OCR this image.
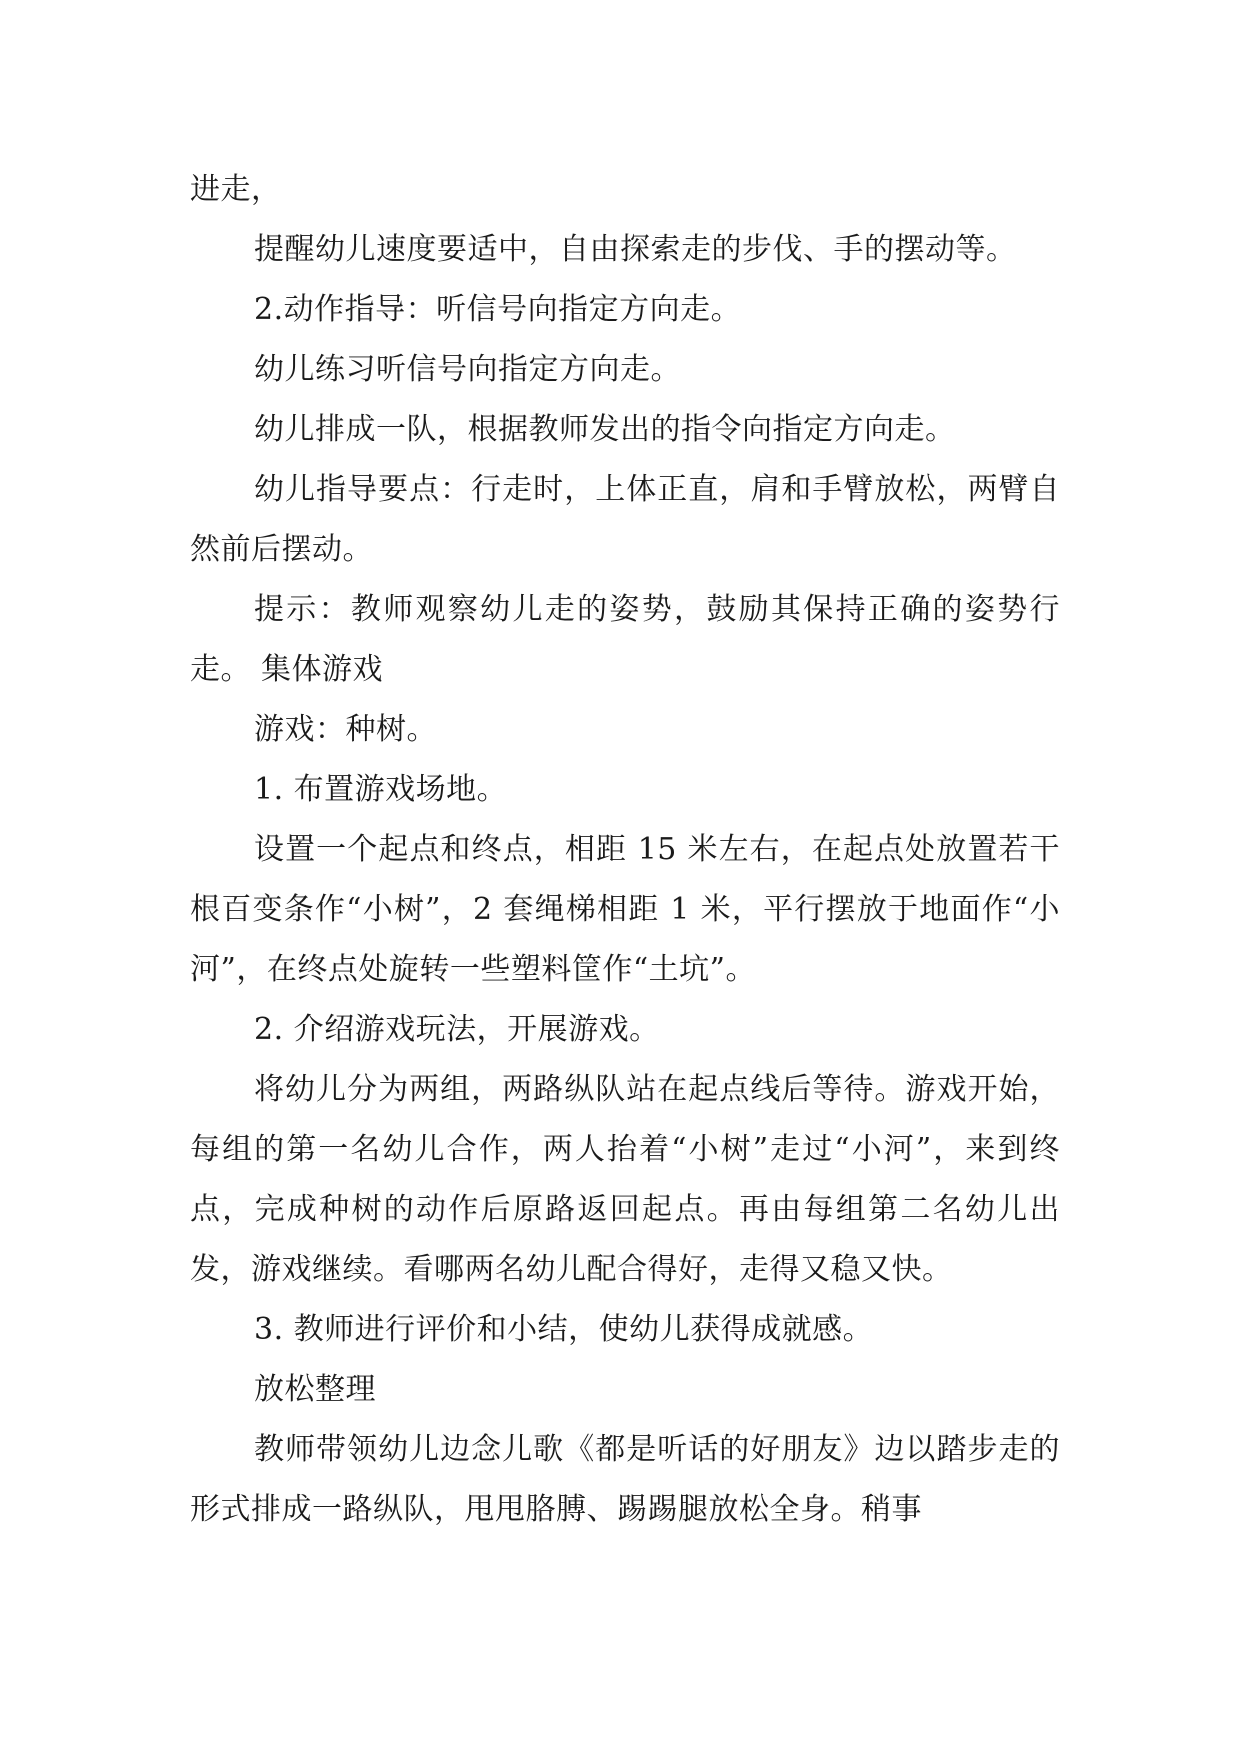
进走，

提醒幼儿速度要适中，自由探索走的步伐、手的摆动等。

2.动作指导：听信号向指定方向走。

幼儿练习听信号向指定方向走。

幼儿排成一队，根据教师发出的指令向指定方向走。

幼儿指导要点：行走时，上体正直，肩和手臂放松，两臂自然前后摆动。

提示：教师观察幼儿走的姿势，鼓励其保持正确的姿势行走。 集体游戏

游戏：种树。

1. 布置游戏场地。

设置一个起点和终点，相距 15 米左右，在起点处放置若干根百变条作“小树”，2 套绳梯相距 1 米，平行摆放于地面作“小河”，在终点处旋转一些塑料筐作“土坑”。

2. 介绍游戏玩法，开展游戏。

将幼儿分为两组，两路纵队站在起点线后等待。游戏开始，每组的第一名幼儿合作，两人抬着“小树”走过“小河”，来到终点，完成种树的动作后原路返回起点。再由每组第二名幼儿出发，游戏继续。看哪两名幼儿配合得好，走得又稳又快。

3. 教师进行评价和小结，使幼儿获得成就感。

放松整理

教师带领幼儿边念儿歌《都是听话的好朋友》边以踏步走的形式排成一路纵队，甩甩胳膊、踢踢腿放松全身。稍事
